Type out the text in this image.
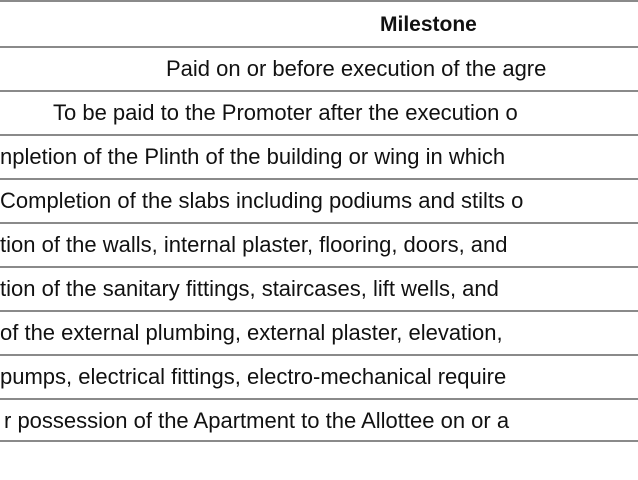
Milestone
Paid on or before execution of the agre
To be paid to the Promoter after the execution o
npletion of the Plinth of the building or wing in which
Completion of the slabs including podiums and stilts o
tion of the walls, internal plaster, flooring, doors, and
tion of the sanitary fittings, staircases, lift wells, and
of the external plumbing, external plaster, elevation,
pumps, electrical fittings, electro-mechanical require
r possession of the Apartment to the Allottee on or a
